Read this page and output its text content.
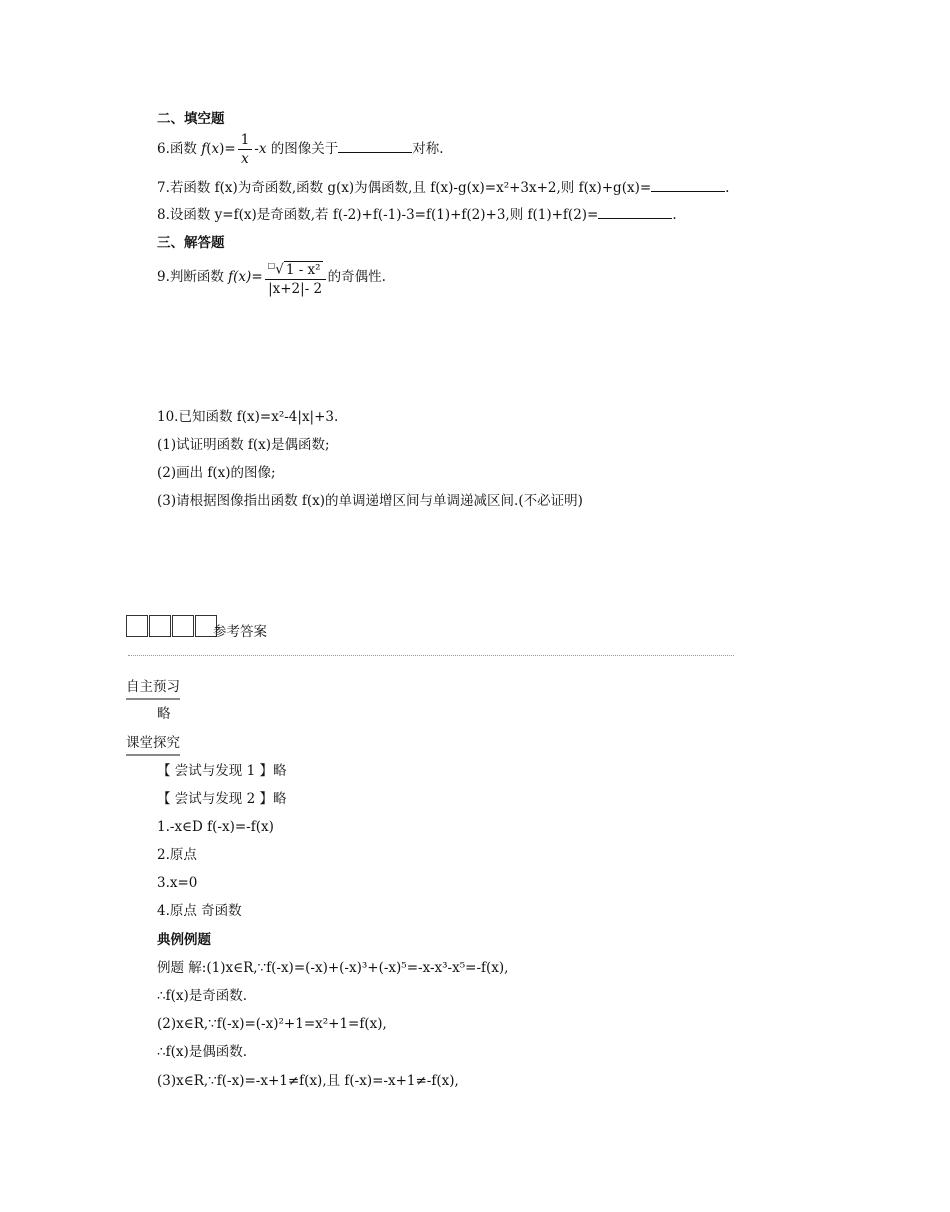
二、填空题
6.函数 $f(x)= \frac{1}{x} -x$ 的图像关于	对称.
7.若函数 f(x)为奇函数,函数 g(x)为偶函数,且 f(x)-g(x)=x²+3x+2,则 f(x)+g(x)=	.
8.设函数 y=f(x)是奇函数,若 f(-2)+f(-1)-3=f(1)+f(2)+3,则 f(1)+f(2)=	.
三、解答题
9.判断函数 $f(x)= \frac{^□√ 1 - x^2}{|x+2|- 2}$ 的奇偶性.
10.已知函数 f(x)=x²-4|x|+3.
(1)试证明函数 f(x)是偶函数;
(2)画出 f(x)的图像;
(3)请根据图像指出函数 f(x)的单调递增区间与单调递减区间.(不必证明)
参考答案
自主预习
略
课堂探究
【 尝试与发现 1 】略
【 尝试与发现 2 】略
1.-x∈D f(-x)=-f(x)
2.原点
3.x=0
4.原点 奇函数
典例例题
例题 解:(1)x∈R,∵f(-x)=(-x)+(-x)³+(-x)⁵=-x-x³-x⁵=-f(x),
∴f(x)是奇函数.
(2)x∈R,∵f(-x)=(-x)²+1=x²+1=f(x),
∴f(x)是偶函数.
(3)x∈R,∵f(-x)=-x+1≠f(x),且 f(-x)=-x+1≠-f(x),
